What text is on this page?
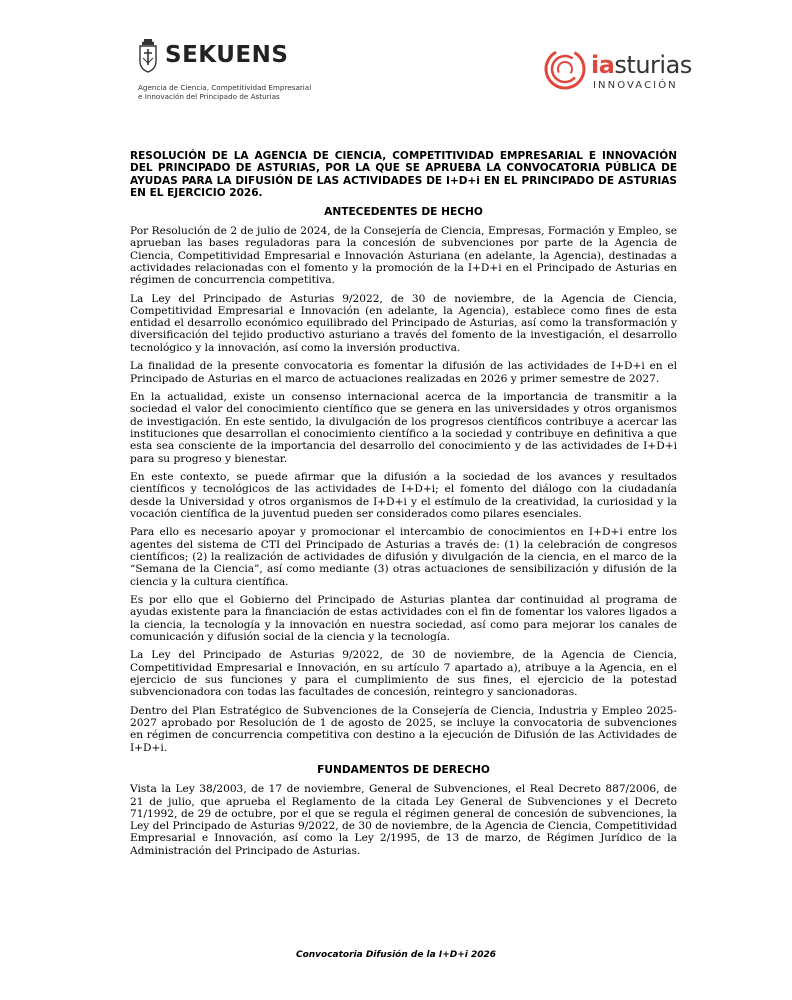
SEKUENS
Agencia de Ciencia, Competitividad Empresarial
e Innovación del Principado de Asturias
iasturias
INNOVACIÓN
RESOLUCIÓN DE LA AGENCIA DE CIENCIA, COMPETITIVIDAD EMPRESARIAL E INNOVACIÓN DEL PRINCIPADO DE ASTURIAS, POR LA QUE SE APRUEBA LA CONVOCATORIA PÚBLICA DE AYUDAS PARA LA DIFUSIÓN DE LAS ACTIVIDADES DE I+D+i EN EL PRINCIPADO DE ASTURIAS EN EL EJERCICIO 2026.
ANTECEDENTES DE HECHO

Por Resolución de 2 de julio de 2024, de la Consejería de Ciencia, Empresas, Formación y Empleo, se aprueban las bases reguladoras para la concesión de subvenciones por parte de la Agencia de Ciencia, Competitividad Empresarial e Innovación Asturiana (en adelante, la Agencia), destinadas a actividades relacionadas con el fomento y la promoción de la I+D+i en el Principado de Asturias en régimen de concurrencia competitiva.

La Ley del Principado de Asturias 9/2022, de 30 de noviembre, de la Agencia de Ciencia, Competitividad Empresarial e Innovación (en adelante, la Agencia), establece como fines de esta entidad el desarrollo económico equilibrado del Principado de Asturias, así como la transformación y diversificación del tejido productivo asturiano a través del fomento de la investigación, el desarrollo tecnológico y la innovación, así como la inversión productiva.

La finalidad de la presente convocatoria es fomentar la difusión de las actividades de I+D+i en el Principado de Asturias en el marco de actuaciones realizadas en 2026 y primer semestre de 2027.

En la actualidad, existe un consenso internacional acerca de la importancia de transmitir a la sociedad el valor del conocimiento científico que se genera en las universidades y otros organismos de investigación. En este sentido, la divulgación de los progresos científicos contribuye a acercar las instituciones que desarrollan el conocimiento científico a la sociedad y contribuye en definitiva a que esta sea consciente de la importancia del desarrollo del conocimiento y de las actividades de I+D+i para su progreso y bienestar.

En este contexto, se puede afirmar que la difusión a la sociedad de los avances y resultados científicos y tecnológicos de las actividades de I+D+i; el fomento del diálogo con la ciudadanía desde la Universidad y otros organismos de I+D+i y el estímulo de la creatividad, la curiosidad y la vocación científica de la juventud pueden ser considerados como pilares esenciales.

Para ello es necesario apoyar y promocionar el intercambio de conocimientos en I+D+i entre los agentes del sistema de CTI del Principado de Asturias a través de: (1) la celebración de congresos científicos; (2) la realización de actividades de difusión y divulgación de la ciencia, en el marco de la “Semana de la Ciencia”, así como mediante (3) otras actuaciones de sensibilización y difusión de la ciencia y la cultura científica.

Es por ello que el Gobierno del Principado de Asturias plantea dar continuidad al programa de ayudas existente para la financiación de estas actividades con el fin de fomentar los valores ligados a la ciencia, la tecnología y la innovación en nuestra sociedad, así como para mejorar los canales de comunicación y difusión social de la ciencia y la tecnología.

La Ley del Principado de Asturias 9/2022, de 30 de noviembre, de la Agencia de Ciencia, Competitividad Empresarial e Innovación, en su artículo 7 apartado a), atribuye a la Agencia, en el ejercicio de sus funciones y para el cumplimiento de sus fines, el ejercicio de la potestad subvencionadora con todas las facultades de concesión, reintegro y sancionadoras.

Dentro del Plan Estratégico de Subvenciones de la Consejería de Ciencia, Industria y Empleo 2025-2027 aprobado por Resolución de 1 de agosto de 2025, se incluye la convocatoria de subvenciones en régimen de concurrencia competitiva con destino a la ejecución de Difusión de las Actividades de I+D+i.

FUNDAMENTOS DE DERECHO

Vista la Ley 38/2003, de 17 de noviembre, General de Subvenciones, el Real Decreto 887/2006, de 21 de julio, que aprueba el Reglamento de la citada Ley General de Subvenciones y el Decreto 71/1992, de 29 de octubre, por el que se regula el régimen general de concesión de subvenciones, la Ley del Principado de Asturias 9/2022, de 30 de noviembre, de la Agencia de Ciencia, Competitividad Empresarial e Innovación, así como la Ley 2/1995, de 13 de marzo, de Régimen Jurídico de la Administración del Principado de Asturias.

Convocatoria Difusión de la I+D+i 2026
